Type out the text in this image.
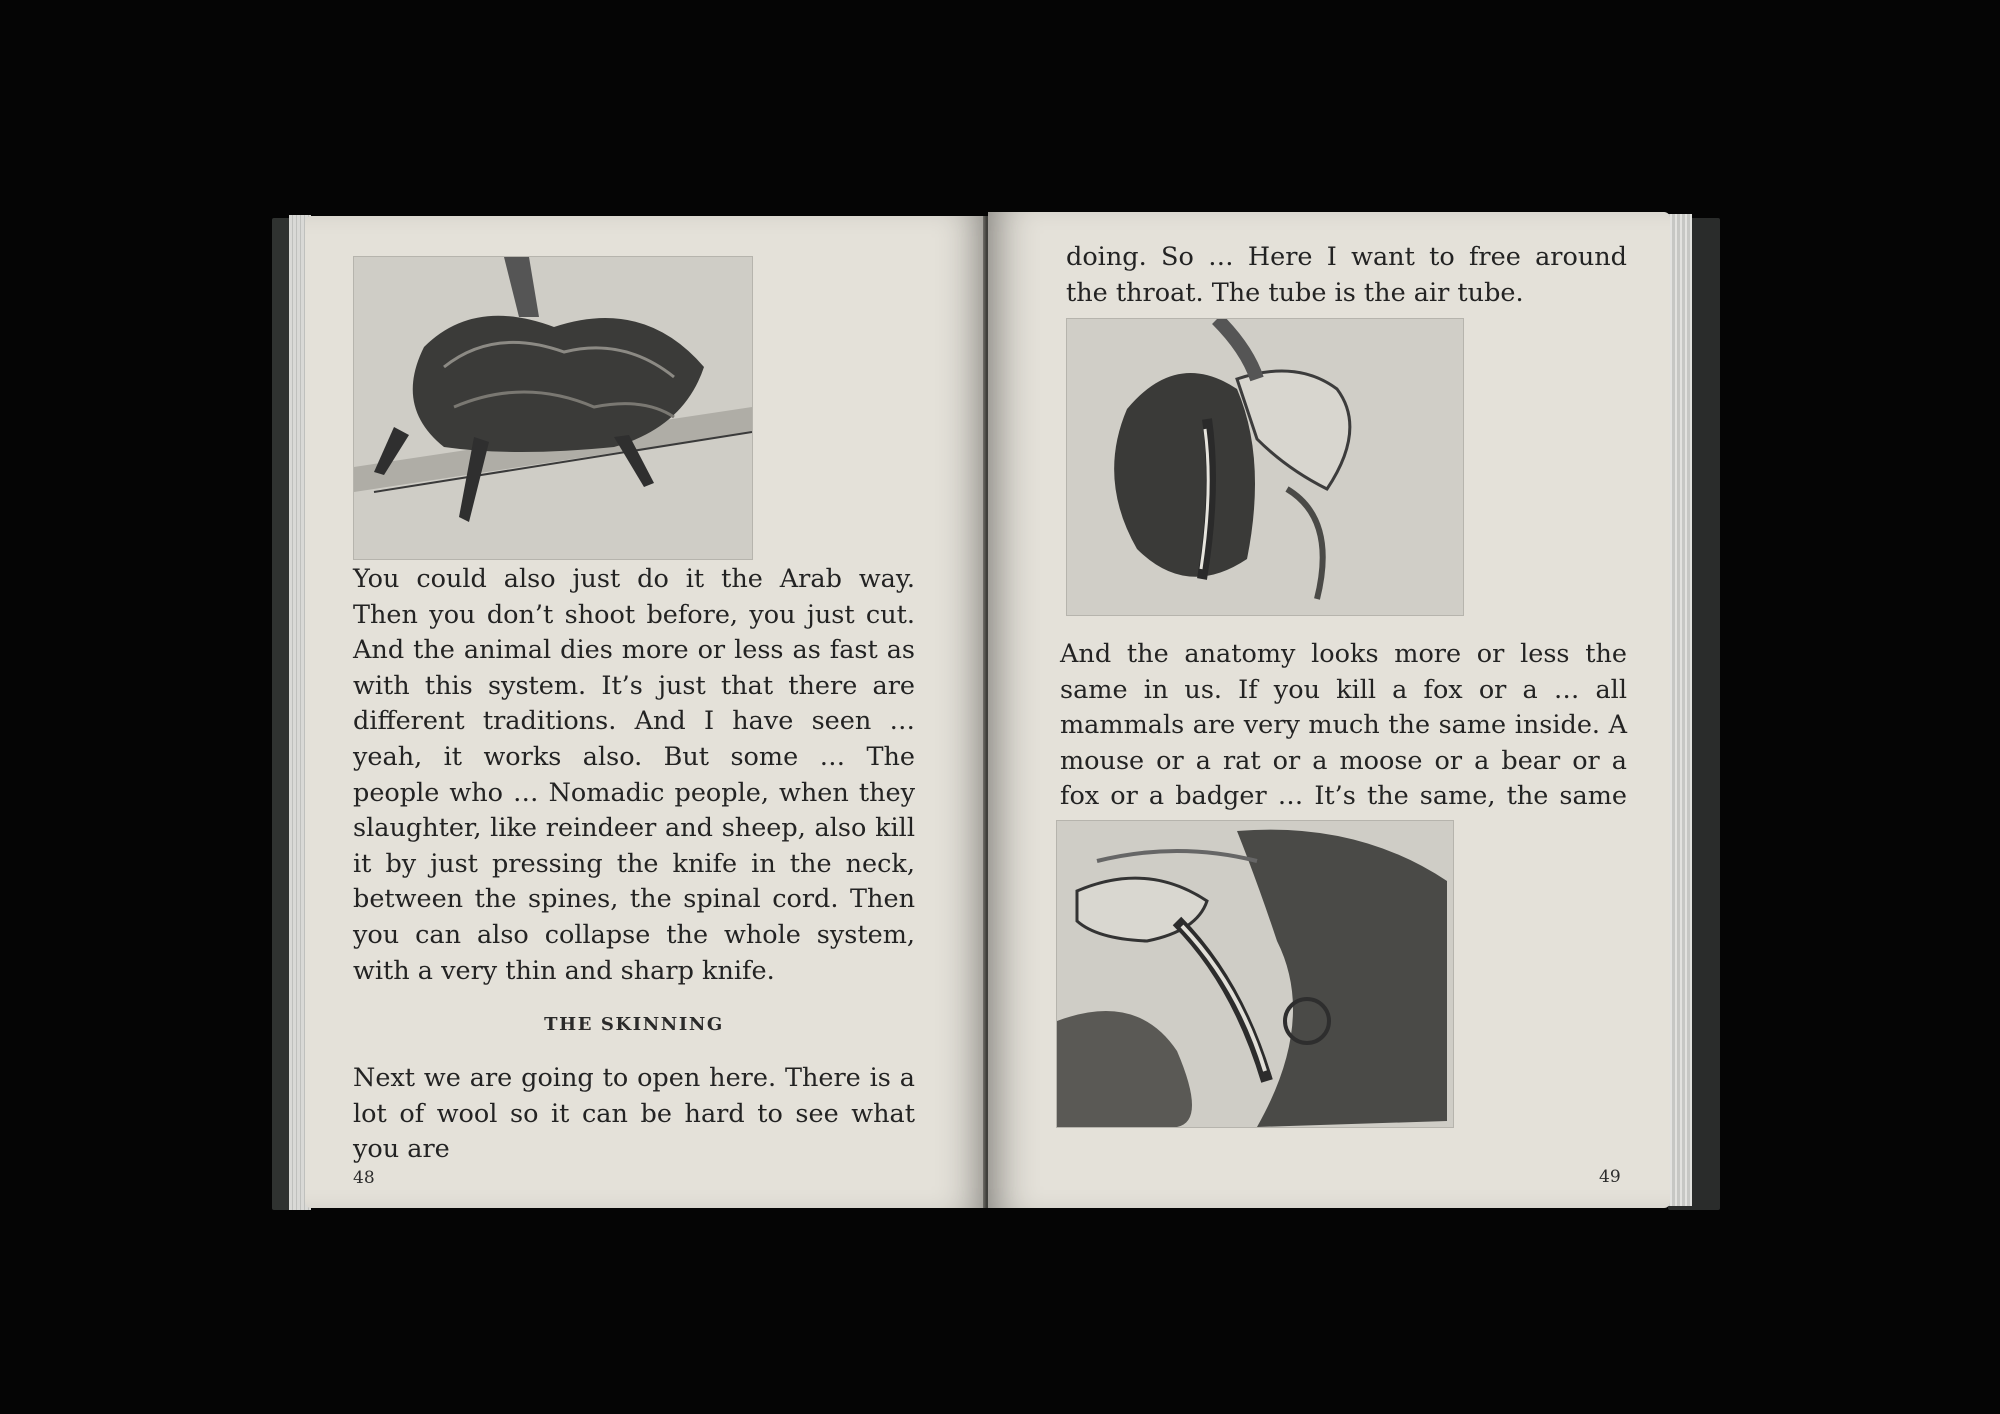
You could also just do it the Arab way. Then you don’t shoot before, you just cut. And the animal dies more or less as fast as with this system. It’s just that there are different traditions. And I have seen … yeah, it works also. But some … The people who … Nomadic people, when they slaughter, like reindeer and sheep, also kill it by just pressing the knife in the neck, between the spines, the spinal cord. Then you can also collapse the whole system, with a very thin and sharp knife.

THE SKINNING

Next we are going to open here. There is a lot of wool so it can be hard to see what you are

48

doing. So … Here I want to free around the throat. The tube is the air tube.

And the anatomy looks more or less the same in us. If you kill a fox or a … all mammals are very much the same inside. A mouse or a rat or a moose or a bear or a fox or a badger … It’s the same, the same

49
